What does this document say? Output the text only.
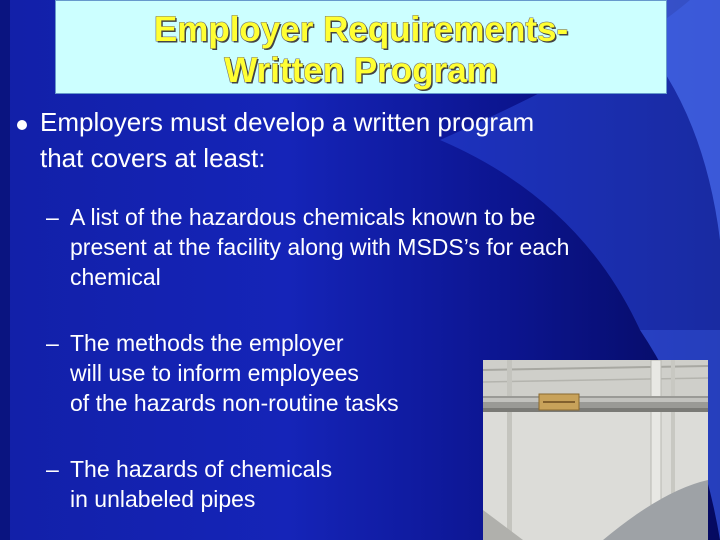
Employer Requirements-
Written Program
Employers must develop a written program
that covers at least:
– A list of the hazardous chemicals known to be
present at the facility along with MSDS’s for each
chemical
– The methods the employer
will use to inform employees
of the hazards non-routine tasks
– The hazards of chemicals
in unlabeled pipes
